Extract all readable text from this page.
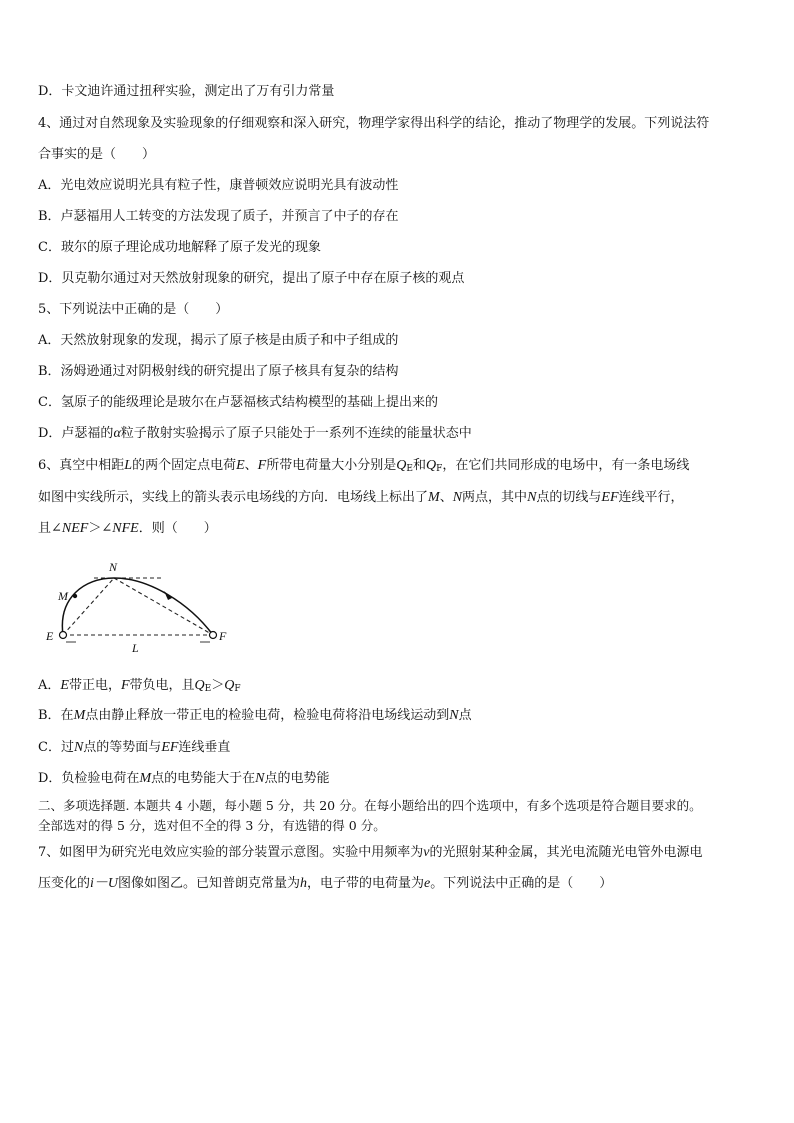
D．卡文迪许通过扭秤实验，测定出了万有引力常量
4、通过对自然现象及实验现象的仔细观察和深入研究，物理学家得出科学的结论，推动了物理学的发展。下列说法符
合事实的是（　　）
A．光电效应说明光具有粒子性，康普顿效应说明光具有波动性
B．卢瑟福用人工转变的方法发现了质子，并预言了中子的存在
C．玻尔的原子理论成功地解释了原子发光的现象
D．贝克勒尔通过对天然放射现象的研究，提出了原子中存在原子核的观点
5、下列说法中正确的是（　　）
A．天然放射现象的发现，揭示了原子核是由质子和中子组成的
B．汤姆逊通过对阴极射线的研究提出了原子核具有复杂的结构
C．氢原子的能级理论是玻尔在卢瑟福核式结构模型的基础上提出来的
D．卢瑟福的α粒子散射实验揭示了原子只能处于一系列不连续的能量状态中
6、真空中相距L的两个固定点电荷E、F所带电荷量大小分别是$Q_E$和$Q_F$，在它们共同形成的电场中，有一条电场线
如图中实线所示，实线上的箭头表示电场线的方向．电场线上标出了M、N两点，其中N点的切线与EF连线平行，
且∠NEF＞∠NFE．则（　　）
N
M
E	F
L
A．E带正电，F带负电，且$Q_E>Q_F$
B．在M点由静止释放一带正电的检验电荷，检验电荷将沿电场线运动到N点
C．过N点的等势面与EF连线垂直
D．负检验电荷在M点的电势能大于在N点的电势能
二、多项选择题. 本题共 4 小题，每小题 5 分，共 20 分。在每小题给出的四个选项中，有多个选项是符合题目要求的。
全部选对的得 5 分，选对但不全的得 3 分，有选错的得 0 分。
7、如图甲为研究光电效应实验的部分装置示意图。实验中用频率为ν的光照射某种金属，其光电流随光电管外电源电
压变化的i－U图像如图乙。已知普朗克常量为h，电子带的电荷量为e。下列说法中正确的是（　　）
